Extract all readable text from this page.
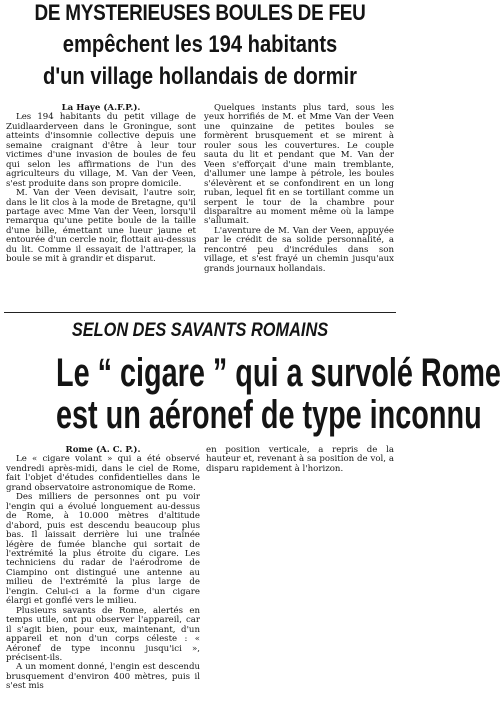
DE MYSTERIEUSES BOULES DE FEU
empêchent les 194 habitants
d'un village hollandais de dormir

La Haye (A.F.P.).

Les 194 habitants du petit village de Zuidlaarderveen dans le Groningue, sont atteints d'insomnie collective depuis une semaine craignant d'être à leur tour victimes d'une invasion de boules de feu qui selon les affirmations de l'un des agriculteurs du village, M. Van der Veen, s'est produite dans son propre domicile.

M. Van der Veen devisait, l'autre soir, dans le lit clos à la mode de Bretagne, qu'il partage avec Mme Van der Veen, lorsqu'il remarqua qu'une petite boule de la taille d'une bille, émettant une lueur jaune et entourée d'un cercle noir, flottait au-dessus du lit. Comme il essayait de l'attraper, la boule se mit à grandir et disparut.

Quelques instants plus tard, sous les yeux horrifiés de M. et Mme Van der Veen une quinzaine de petites boules se formèrent brusquement et se mirent à rouler sous les couvertures. Le couple sauta du lit et pendant que M. Van der Veen s'efforçait d'une main tremblante, d'allumer une lampe à pétrole, les boules s'élevèrent et se confondirent en un long ruban, lequel fit en se tortillant comme un serpent le tour de la chambre pour disparaître au moment même où la lampe s'allumait.

L'aventure de M. Van der Veen, appuyée par le crédit de sa solide personnalité, a rencontré peu d'incrédules dans son village, et s'est frayé un chemin jusqu'aux grands journaux hollandais.

SELON DES SAVANTS ROMAINS
Le “ cigare ” qui a survolé Rome
est un aéronef de type inconnu

Rome (A. C. P.).

Le « cigare volant » qui a été observé vendredi après-midi, dans le ciel de Rome, fait l'objet d'études confidentielles dans le grand observatoire astronomique de Rome.

Des milliers de personnes ont pu voir l'engin qui a évolué longuement au-dessus de Rome, à 10.000 mètres d'altitude d'abord, puis est descendu beaucoup plus bas. Il laissait derrière lui une traînée légère de fumée blanche qui sortait de l'extrémité la plus étroite du cigare. Les techniciens du radar de l'aérodrome de Ciampino ont distingué une antenne au milieu de l'extrémité la plus large de l'engin. Celui-ci a la forme d'un cigare élargi et gonflé vers le milieu.

Plusieurs savants de Rome, alertés en temps utile, ont pu observer l'appareil, car il s'agit bien, pour eux, maintenant, d'un appareil et non d'un corps céleste : « Aéronef de type inconnu jusqu'ici », précisent-ils.

A un moment donné, l'engin est descendu brusquement d'environ 400 mètres, puis il s'est mis

en position verticale, a repris de la hauteur et, revenant à sa position de vol, a disparu rapidement à l'horizon.
